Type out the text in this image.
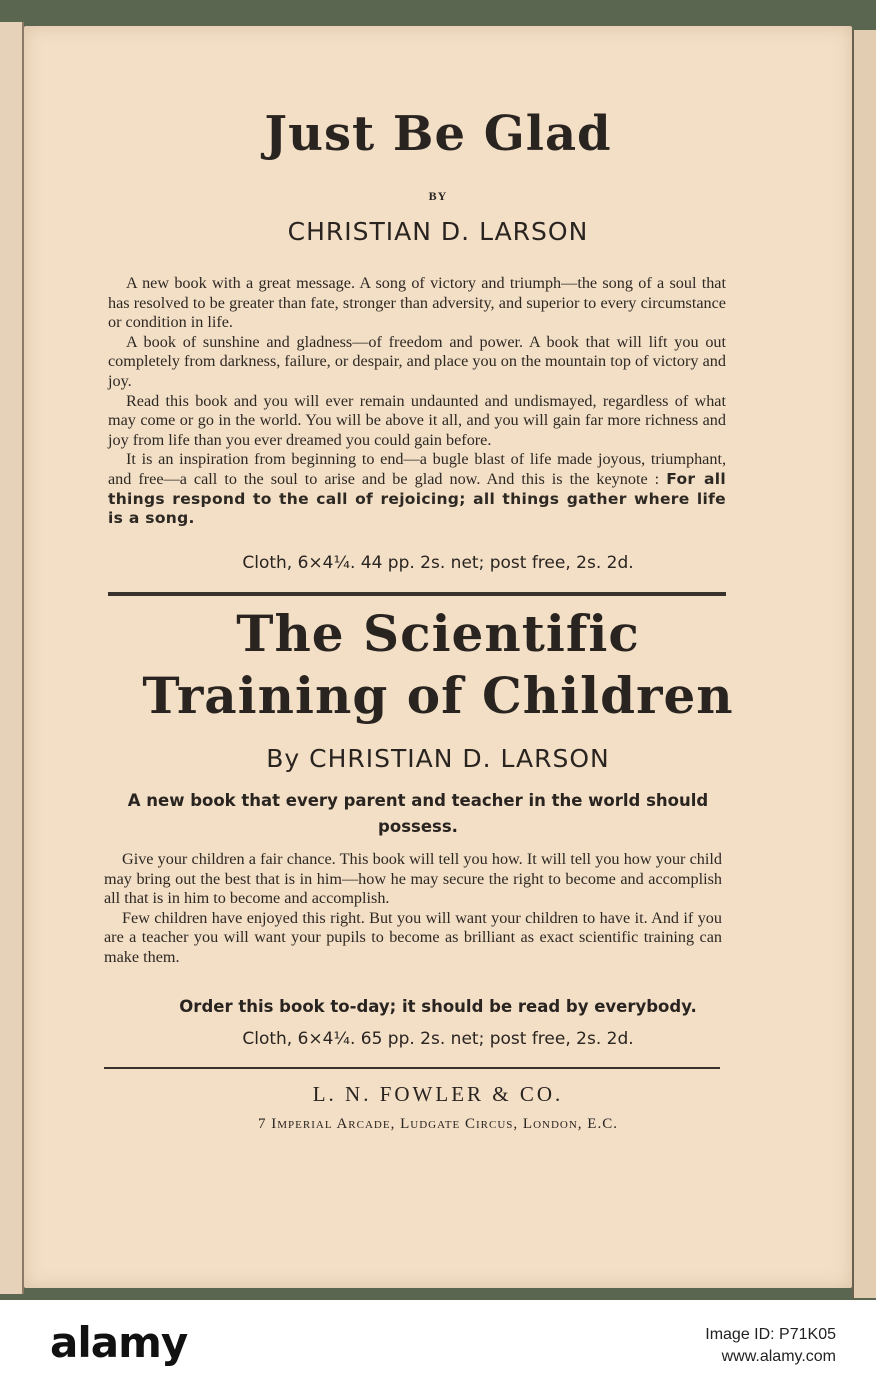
Just Be Glad
BY
CHRISTIAN D. LARSON

A new book with a great message. A song of victory and triumph—the song of a soul that has resolved to be greater than fate, stronger than adversity, and superior to every circumstance or condition in life.

A book of sunshine and gladness—of freedom and power. A book that will lift you out completely from darkness, failure, or despair, and place you on the mountain top of victory and joy.

Read this book and you will ever remain undaunted and undismayed, regardless of what may come or go in the world. You will be above it all, and you will gain far more richness and joy from life than you ever dreamed you could gain before.

It is an inspiration from beginning to end—a bugle blast of life made joyous, triumphant, and free—a call to the soul to arise and be glad now. And this is the keynote : For all things respond to the call of rejoicing; all things gather where life is a song.

Cloth, 6×4¼. 44 pp. 2s. net; post free, 2s. 2d.
The Scientific
Training of Children
By CHRISTIAN D. LARSON
A new book that every parent and teacher in the world should possess.

Give your children a fair chance. This book will tell you how. It will tell you how your child may bring out the best that is in him—how he may secure the right to become and accomplish all that is in him to become and accomplish.

Few children have enjoyed this right. But you will want your children to have it. And if you are a teacher you will want your pupils to become as brilliant as exact scientific training can make them.

Order this book to-day; it should be read by everybody.
Cloth, 6×4¼. 65 pp. 2s. net; post free, 2s. 2d.
L. N. FOWLER & CO.
7 Imperial Arcade, Ludgate Circus, London, E.C.
alamy	Image ID: P71K05
www.alamy.com
